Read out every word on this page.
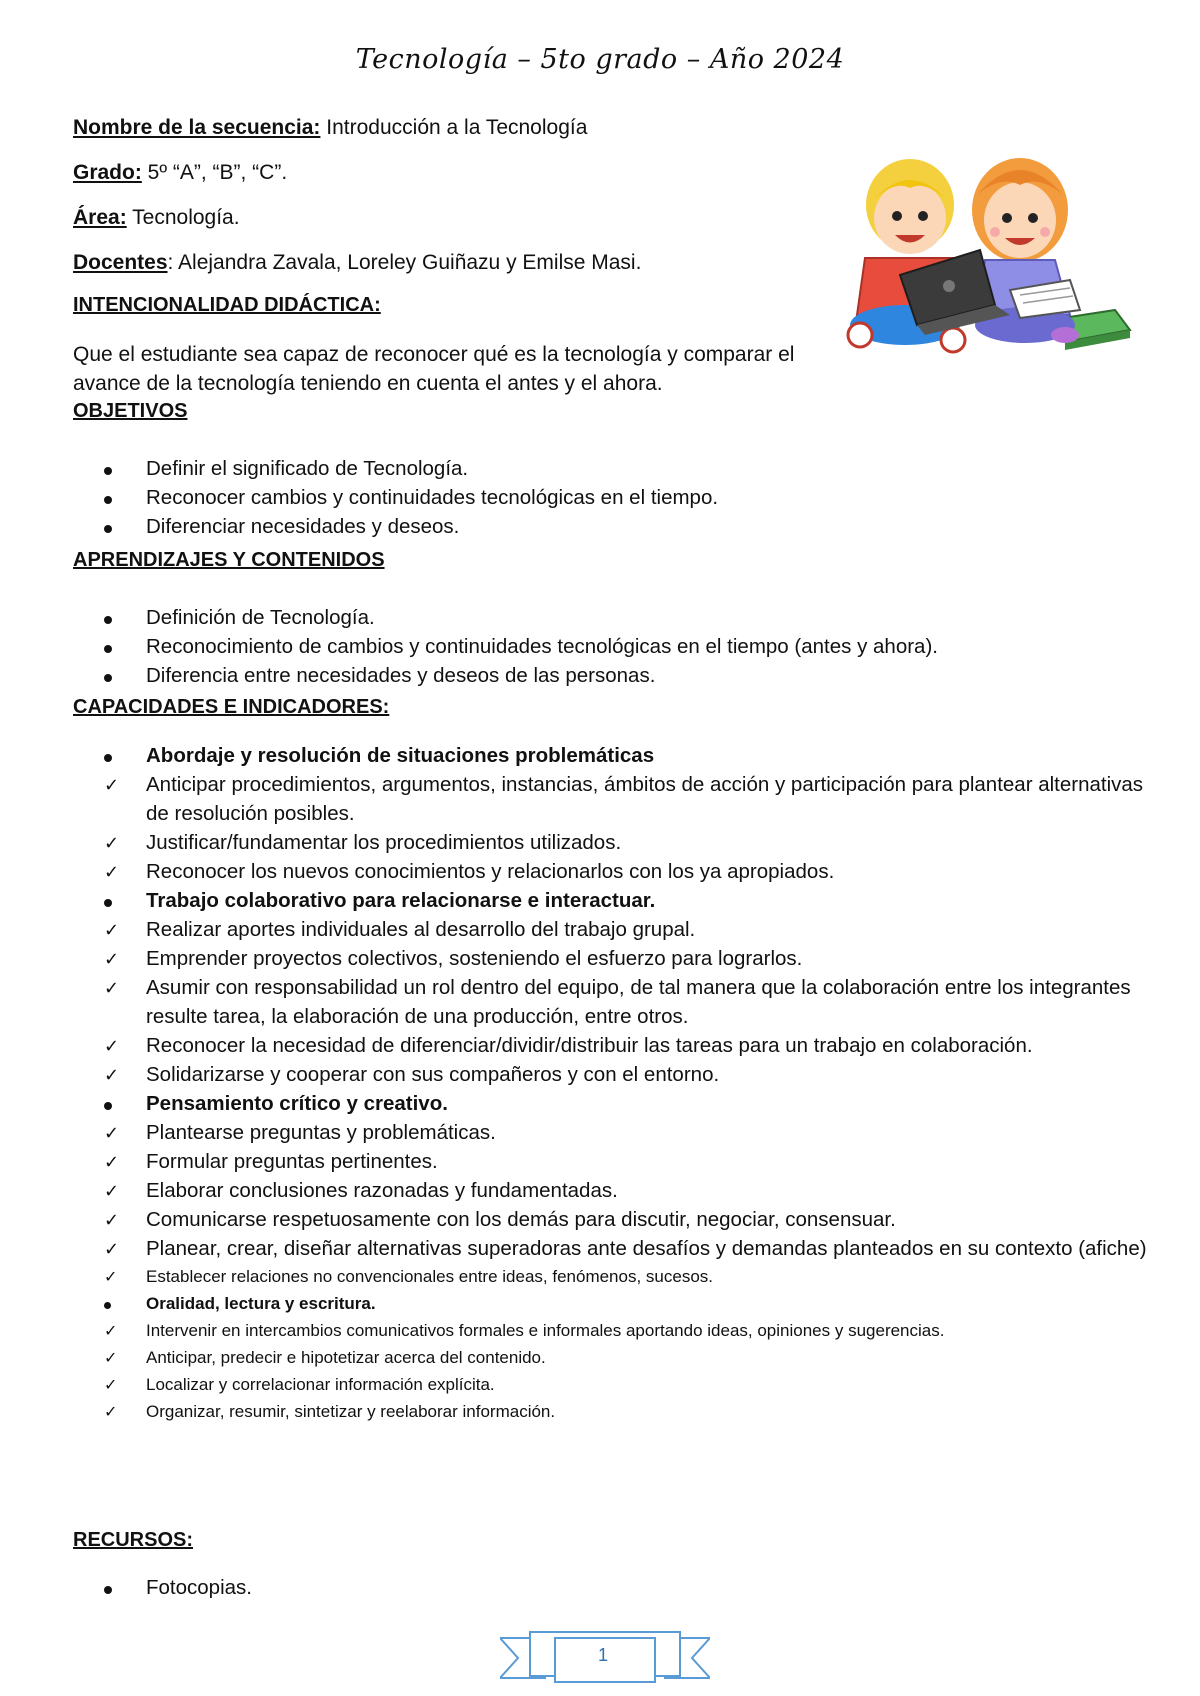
Tecnología – 5to grado – Año 2024
Nombre de la secuencia: Introducción a la Tecnología
Grado: 5º “A”, “B”, “C”.
Área: Tecnología.
Docentes: Alejandra Zavala, Loreley Guiñazu y Emilse Masi.
INTENCIONALIDAD DIDÁCTICA:
Que el estudiante sea capaz de reconocer qué es la tecnología y comparar el avance de la tecnología teniendo en cuenta el antes y el ahora.
OBJETIVOS
Definir el significado de Tecnología.
Reconocer cambios y continuidades tecnológicas en el tiempo.
Diferenciar necesidades y deseos.
APRENDIZAJES Y CONTENIDOS
Definición de Tecnología.
Reconocimiento de cambios y continuidades tecnológicas en el tiempo (antes y ahora).
Diferencia entre necesidades y deseos de las personas.
CAPACIDADES E INDICADORES:
Abordaje y resolución de situaciones problemáticas
✓	Anticipar procedimientos, argumentos, instancias, ámbitos de acción y participación para plantear alternativas de resolución posibles.
✓	Justificar/fundamentar los procedimientos utilizados.
✓	Reconocer los nuevos conocimientos y relacionarlos con los ya apropiados.
Trabajo colaborativo para relacionarse e interactuar.
✓	Realizar aportes individuales al desarrollo del trabajo grupal.
✓	Emprender proyectos colectivos, sosteniendo el esfuerzo para lograrlos.
✓	Asumir con responsabilidad un rol dentro del equipo, de tal manera que la colaboración entre los integrantes resulte tarea, la elaboración de una producción, entre otros.
✓	Reconocer la necesidad de diferenciar/dividir/distribuir las tareas para un trabajo en colaboración.
✓	Solidarizarse y cooperar con sus compañeros y con el entorno.
Pensamiento crítico y creativo.
✓	Plantearse preguntas y problemáticas.
✓	Formular preguntas pertinentes.
✓	Elaborar conclusiones razonadas y fundamentadas.
✓	Comunicarse respetuosamente con los demás para discutir, negociar, consensuar.
✓	Planear, crear, diseñar alternativas superadoras ante desafíos y demandas planteados en su contexto (afiche)
✓	Establecer relaciones no convencionales entre ideas, fenómenos, sucesos.
Oralidad, lectura y escritura.
✓	Intervenir en intercambios comunicativos formales e informales aportando ideas, opiniones y sugerencias.
✓	Anticipar, predecir e hipotetizar acerca del contenido.
✓	Localizar y correlacionar información explícita.
✓	Organizar, resumir, sintetizar y reelaborar información.
RECURSOS:
Fotocopias.
1
